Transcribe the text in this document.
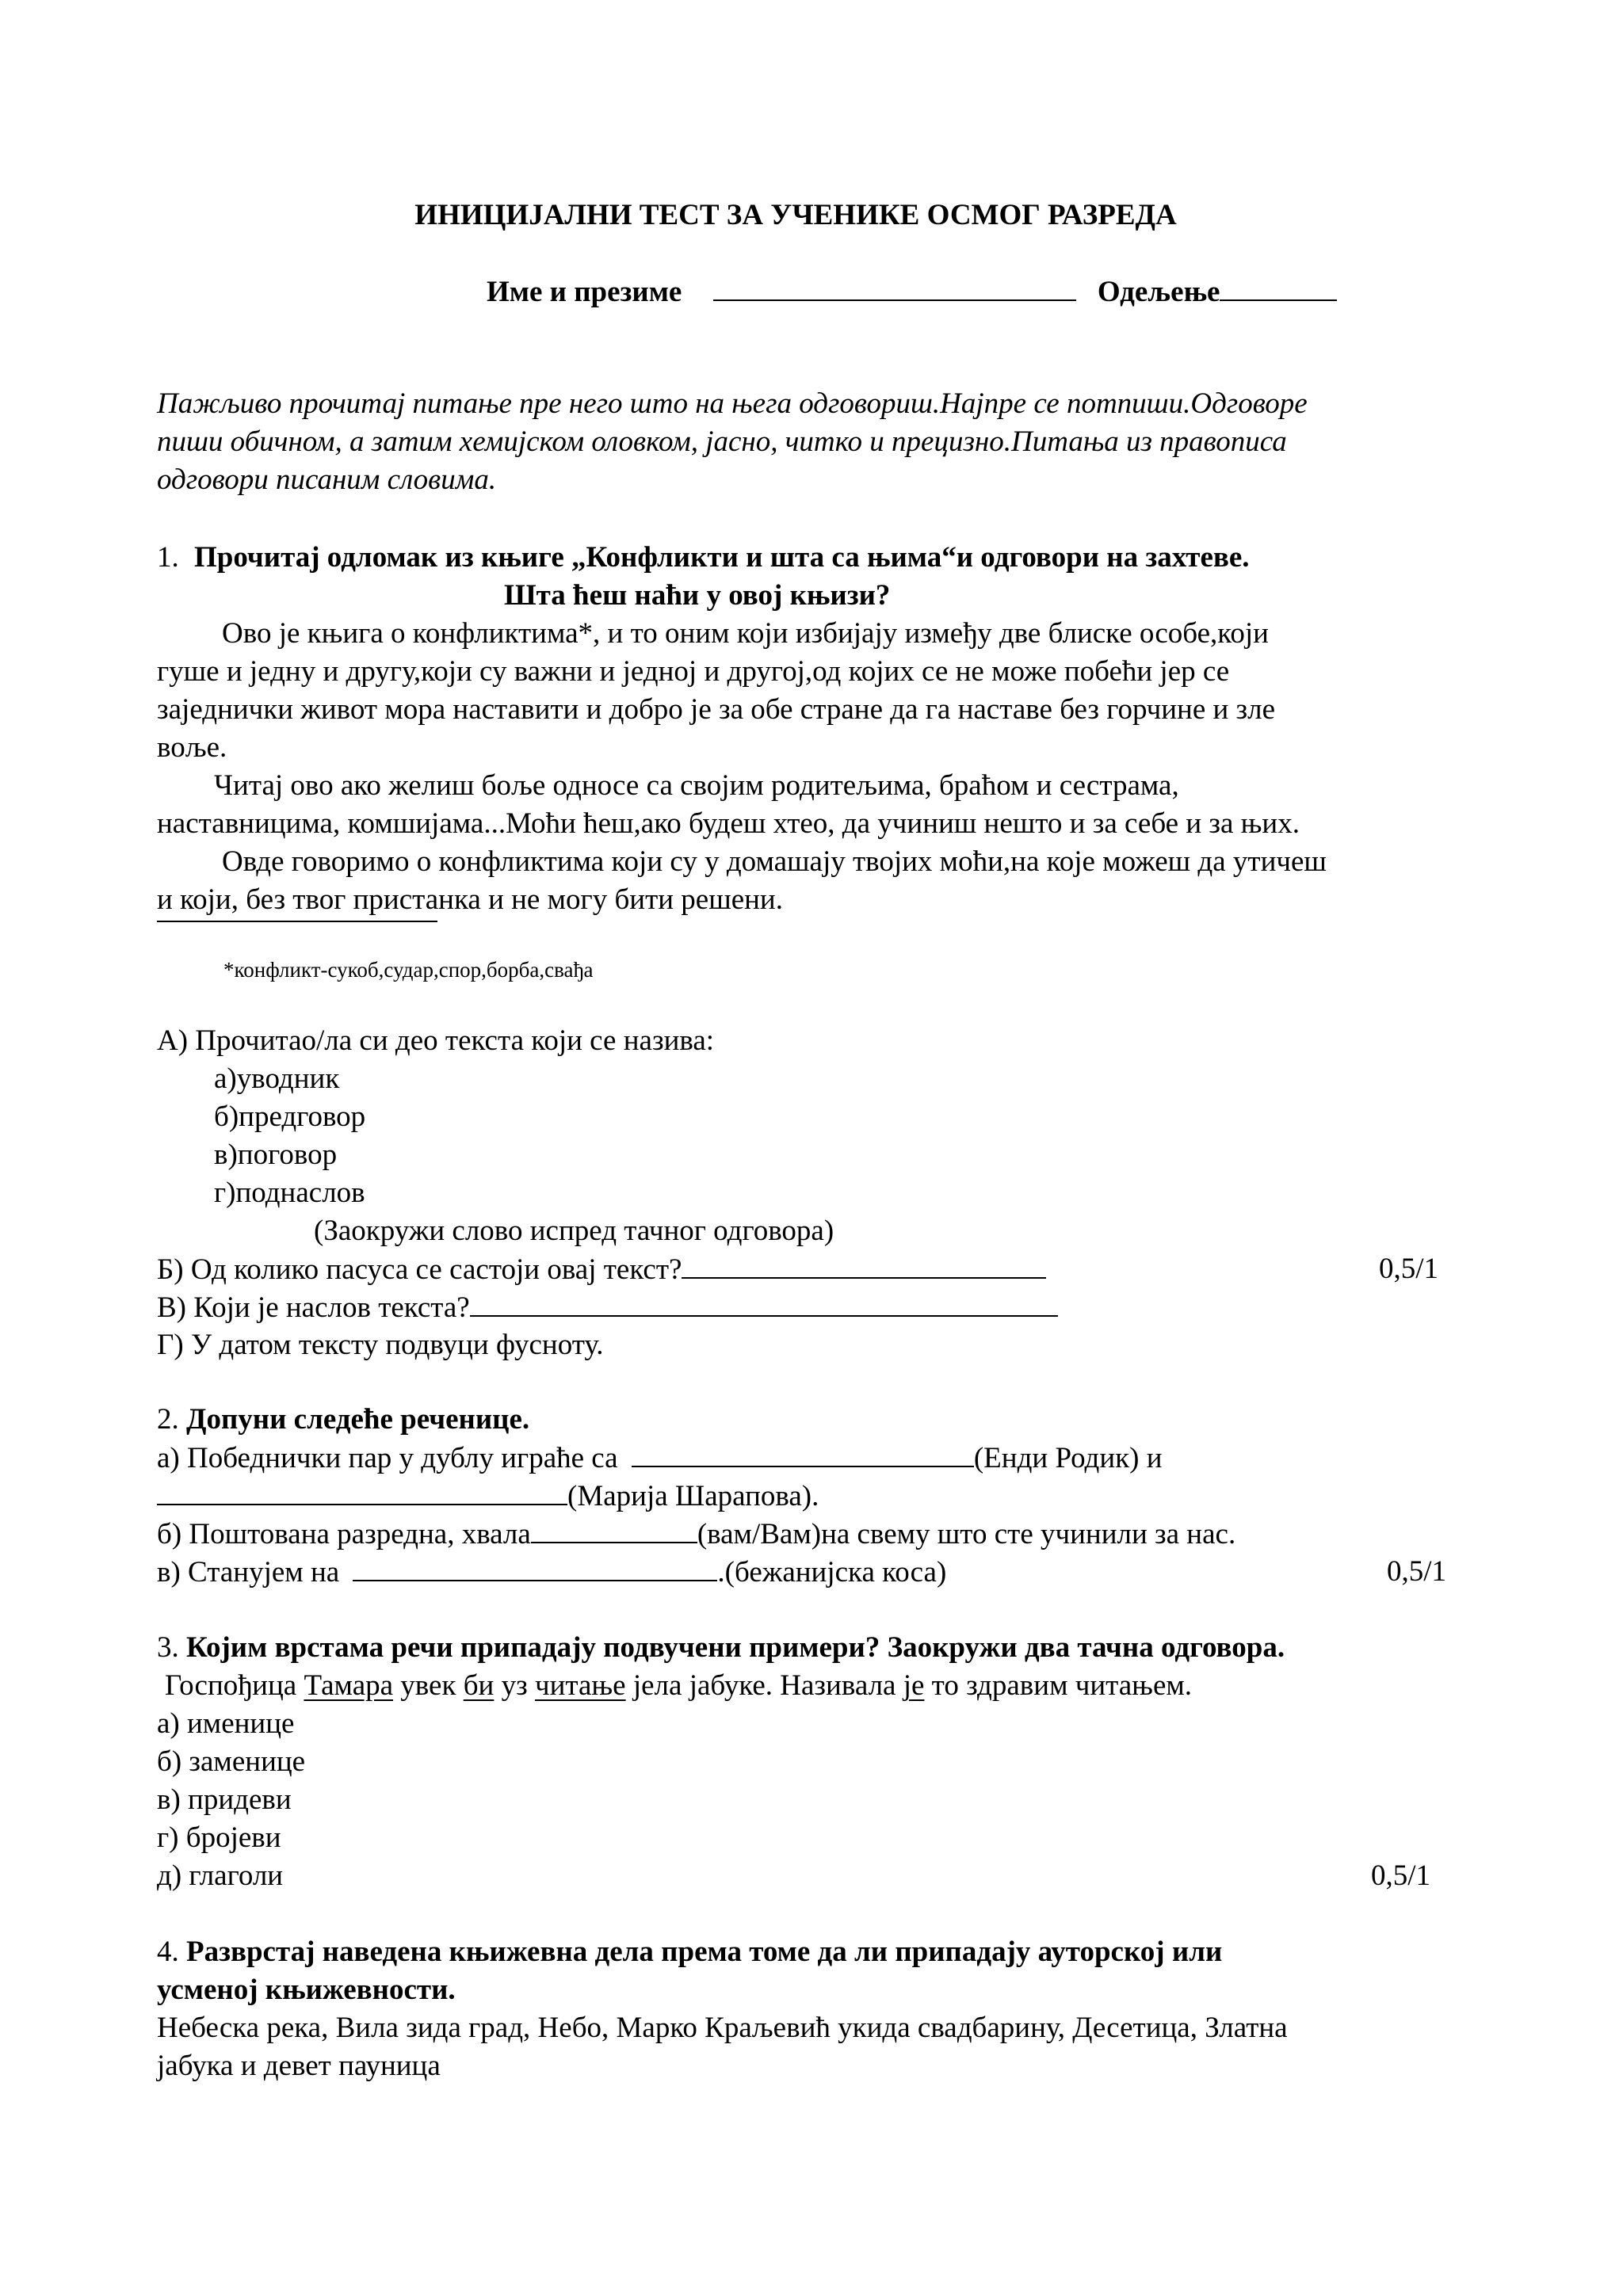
ИНИЦИЈАЛНИ ТЕСТ ЗА УЧЕНИКЕ ОСМОГ РАЗРЕДА
Име и презиме	Одељење
Пажљиво прочитај питање пре него што на њега одговориш.Најпре се потпиши.Одговоре
пиши обичном, а затим хемијском оловком, јасно, читко и прецизно.Питања из правописа
одговори писаним словима.
1. Прочитај одломак из књиге „Конфликти и шта са њима“и одговори на захтеве.
Шта ћеш наћи у овој књизи?
Ово је књига о конфликтима*, и то оним који избијају између две блиске особе,који
гуше и једну и другу,који су важни и једној и другој,од којих се не може побећи јер се
заједнички живот мора наставити и добро је за обе стране да га наставе без горчине и зле
воље.
Читај ово ако желиш боље односе са својим родитељима, браћом и сестрама,
наставницима, комшијама...Моћи ћеш,ако будеш хтео, да учиниш нешто и за себе и за њих.
Овде говоримо о конфликтима који су у домашају твојих моћи,на које можеш да утичеш
и који, без твог пристанка и не могу бити решени.
*конфликт-сукоб,судар,спор,борба,свађа
А) Прочитао/ла си део текста који се назива:
а)уводник
б)предговор
в)поговор
г)поднаслов
(Заокружи слово испред тачног одговора)
Б) Од колико пасуса се састоји овај текст?	0,5/1
В) Који је наслов текста?
Г) У датом тексту подвуци фусноту.
2. Допуни следеће реченице.
а) Победнички пар у дублу играће са	(Енди Родик) и
(Марија Шарапова).
б) Поштована разредна, хвала	(вам/Вам)на свему што сте учинили за нас.
в) Станујем на	.(бежанијска коса)	0,5/1
3. Којим врстама речи припадају подвучени примери? Заокружи два тачна одговора.
Госпођица Тамара увек би уз читање јела јабуке. Називала је то здравим читањем.
а) именице
б) заменице
в) придеви
г) бројеви
д) глаголи	0,5/1
4. Разврстај наведена књижевна дела према томе да ли припадају ауторској или
усменој књижевности.
Небеска река, Вила зида град, Небо, Марко Краљевић укида свадбарину, Десетица, Златна
јабука и девет пауница
